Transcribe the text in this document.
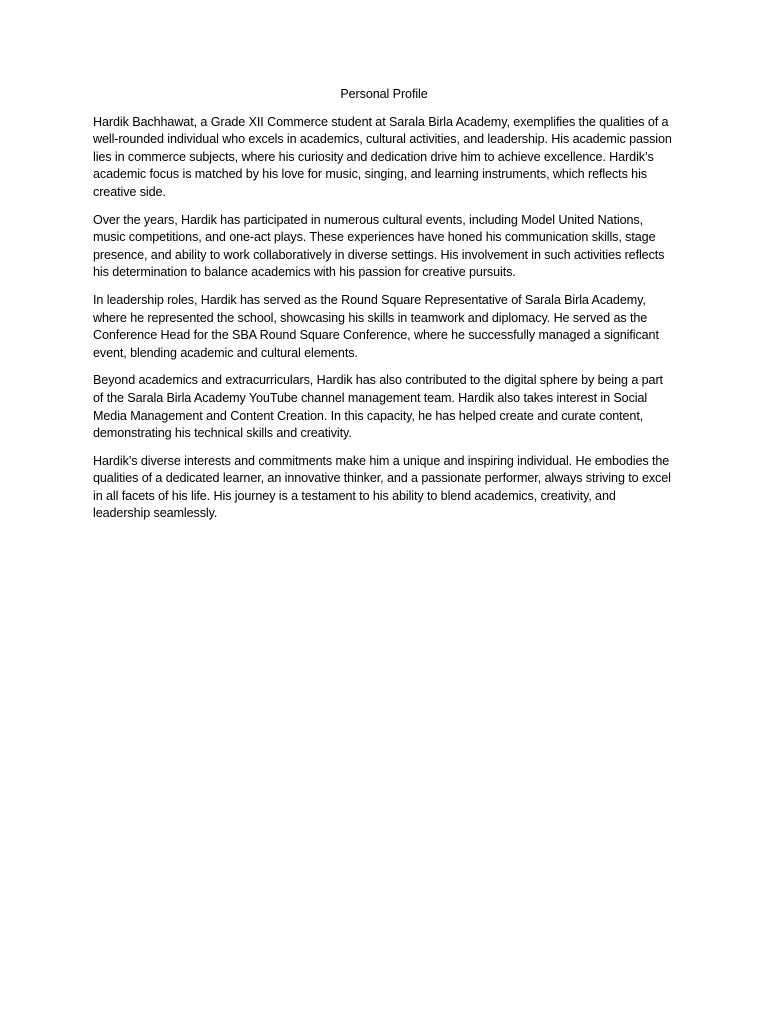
Personal Profile

Hardik Bachhawat, a Grade XII Commerce student at Sarala Birla Academy, exemplifies the qualities of a well-rounded individual who excels in academics, cultural activities, and leadership. His academic passion lies in commerce subjects, where his curiosity and dedication drive him to achieve excellence. Hardik’s academic focus is matched by his love for music, singing, and learning instruments, which reflects his creative side.

Over the years, Hardik has participated in numerous cultural events, including Model United Nations, music competitions, and one-act plays. These experiences have honed his communication skills, stage presence, and ability to work collaboratively in diverse settings. His involvement in such activities reflects his determination to balance academics with his passion for creative pursuits.

In leadership roles, Hardik has served as the Round Square Representative of Sarala Birla Academy, where he represented the school, showcasing his skills in teamwork and diplomacy. He served as the Conference Head for the SBA Round Square Conference, where he successfully managed a significant event, blending academic and cultural elements.

Beyond academics and extracurriculars, Hardik has also contributed to the digital sphere by being a part of the Sarala Birla Academy YouTube channel management team. Hardik also takes interest in Social Media Management and Content Creation. In this capacity, he has helped create and curate content, demonstrating his technical skills and creativity.

Hardik’s diverse interests and commitments make him a unique and inspiring individual. He embodies the qualities of a dedicated learner, an innovative thinker, and a passionate performer, always striving to excel in all facets of his life. His journey is a testament to his ability to blend academics, creativity, and leadership seamlessly.
